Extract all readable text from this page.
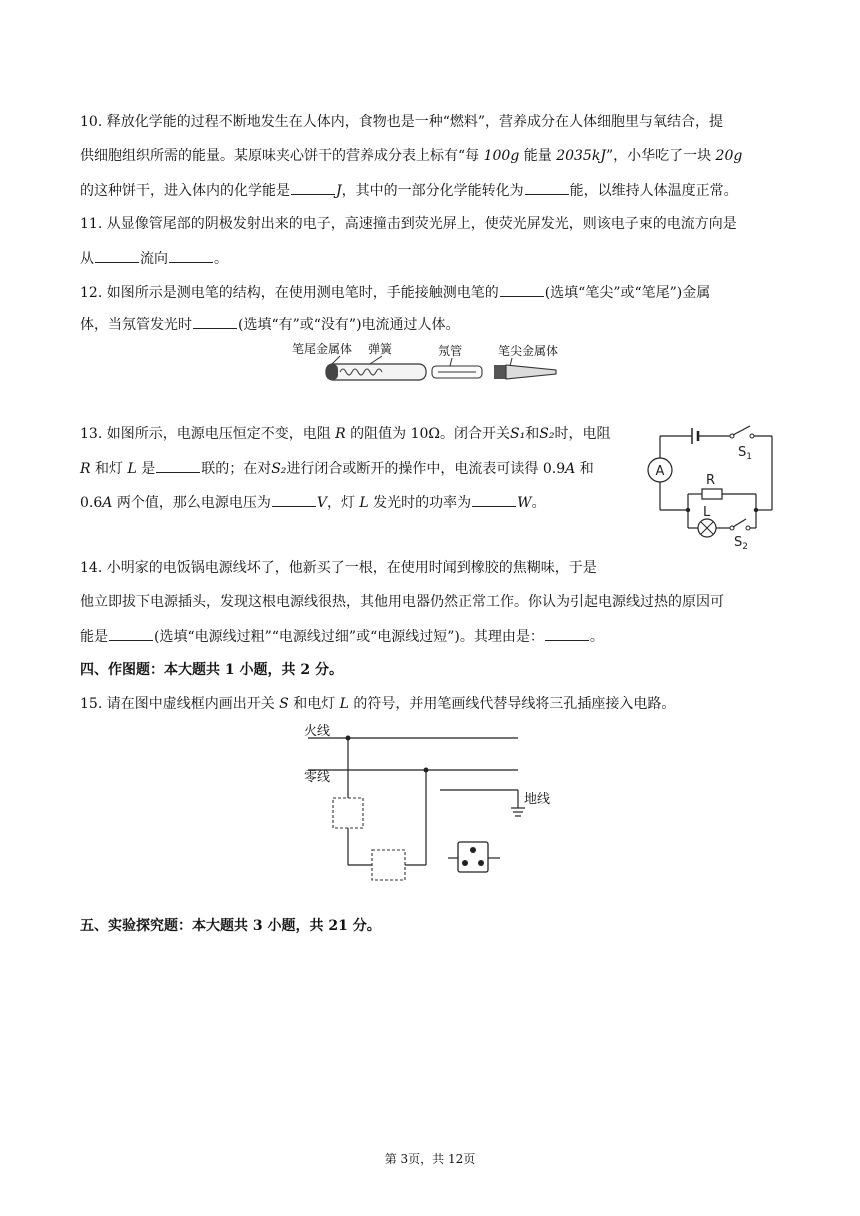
10. 释放化学能的过程不断地发生在人体内，食物也是一种“燃料”，营养成分在人体细胞里与氧结合，提
供细胞组织所需的能量。某原味夹心饼干的营养成分表上标有“每 100g 能量 2035kJ”，小华吃了一块 20g
的这种饼干，进入体内的化学能是	J，其中的一部分化学能转化为	能，以维持人体温度正常。
11. 从显像管尾部的阴极发射出来的电子，高速撞击到荧光屏上，使荧光屏发光，则该电子束的电流方向是
从	流向	。
12. 如图所示是测电笔的结构，在使用测电笔时，手能接触测电笔的	(选填“笔尖”或“笔尾”)金属
体，当氖管发光时	(选填“有”或“没有”)电流通过人体。
笔尾金属体 弹簧	氖管	笔尖金属体
13. 如图所示，电源电压恒定不变，电阻 R 的阻值为 10Ω。闭合开关S₁和S₂时，电阻
R 和灯 L 是	联的；在对S₂进行闭合或断开的操作中，电流表可读得 0.9A 和
0.6A 两个值，那么电源电压为	V，灯 L 发光时的功率为	W。
$S_1$
A
R
L
$S_2$
14. 小明家的电饭锅电源线坏了，他新买了一根，在使用时闻到橡胶的焦糊味，于是
他立即拔下电源插头，发现这根电源线很热，其他用电器仍然正常工作。你认为引起电源线过热的原因可
能是	(选填“电源线过粗”“电源线过细”或“电源线过短”)。其理由是：	。
四、作图题：本大题共 1 小题，共 2 分。
15. 请在图中虚线框内画出开关 S 和电灯 L 的符号，并用笔画线代替导线将三孔插座接入电路。
火线
零线
地线
五、实验探究题：本大题共 3 小题，共 21 分。
第 3页，共 12页
